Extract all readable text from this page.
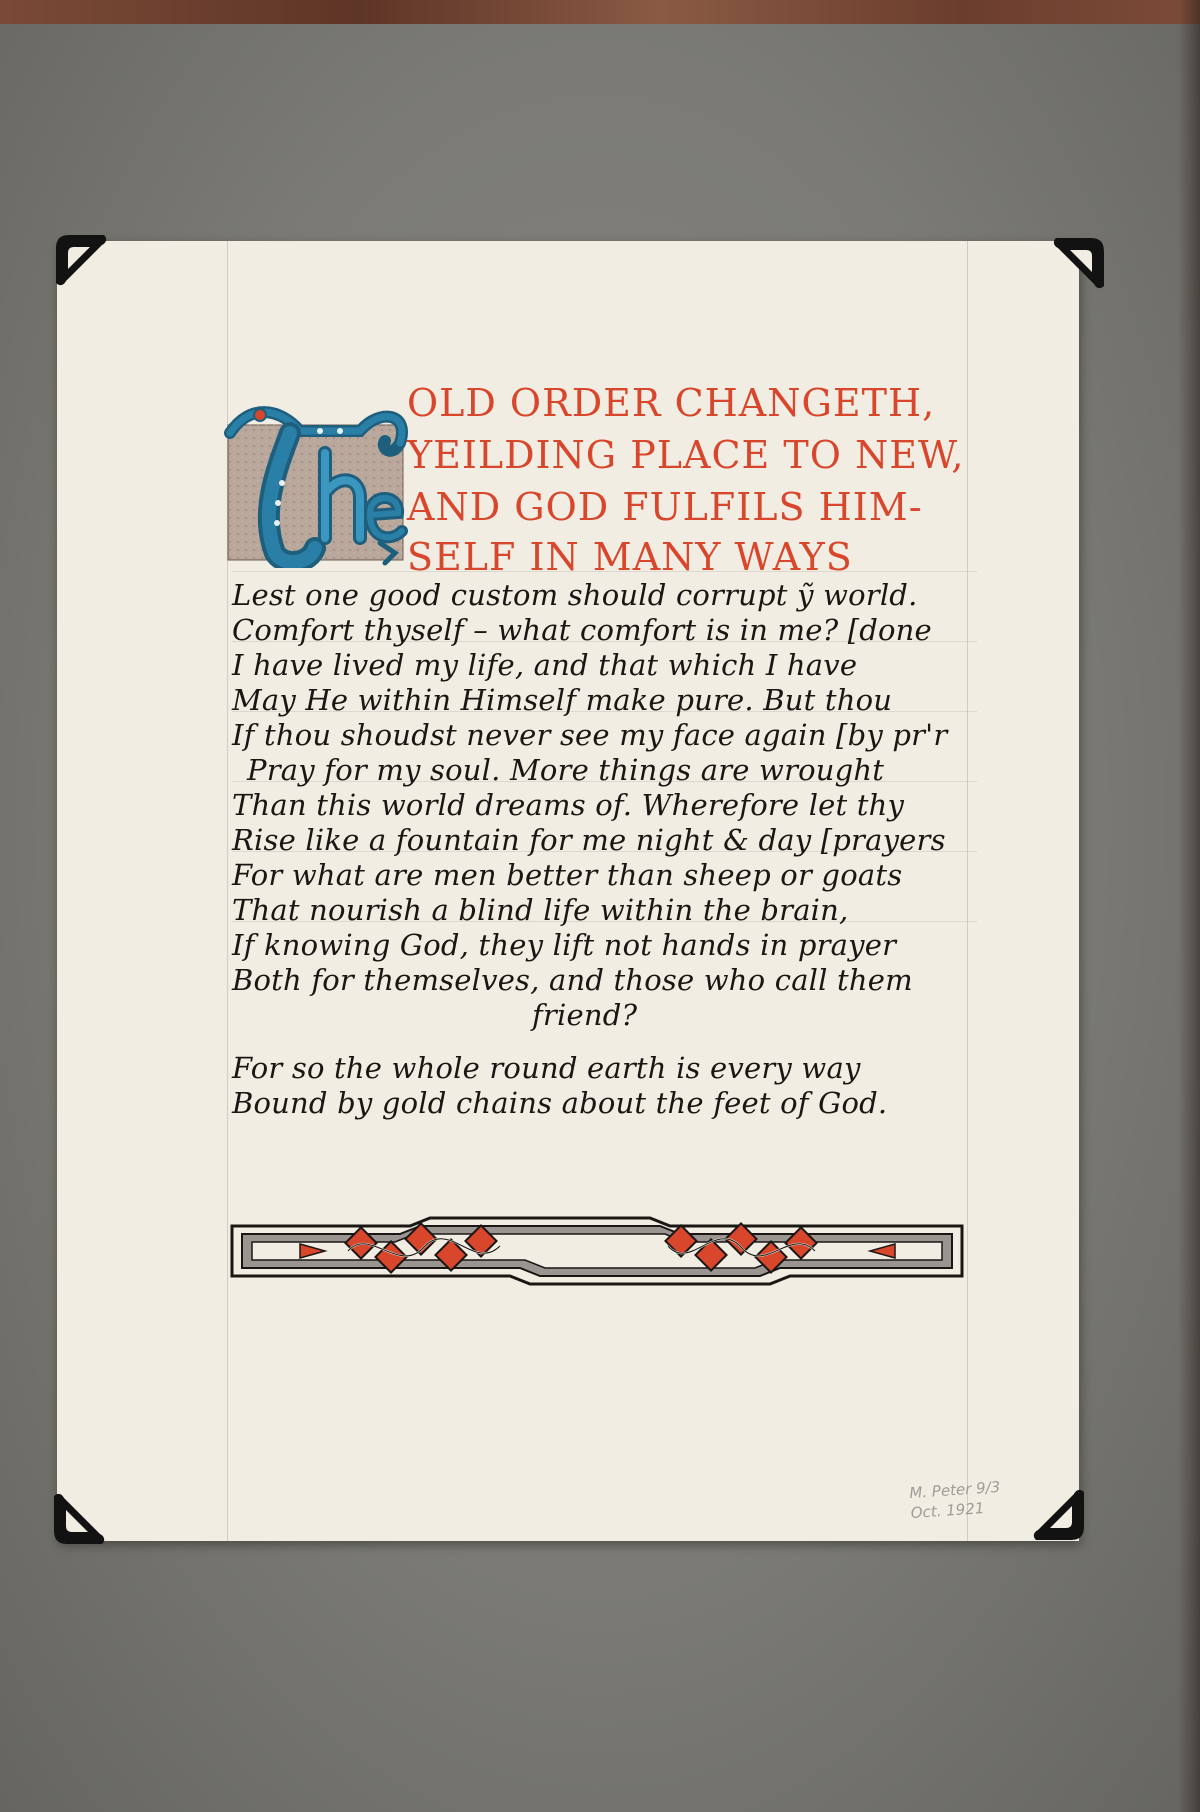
OLD ORDER CHANGETH,
YEILDING PLACE TO NEW,
AND GOD FULFILS HIM-
SELF IN MANY WAYS
Lest one good custom should corrupt ỹ world.
Comfort thyself – what comfort is in me? [done
I have lived my life, and that which I have
May He within Himself make pure. But thou
If thou shoudst never see my face again [by pr'r
Pray for my soul. More things are wrought
Than this world dreams of. Wherefore let thy
Rise like a fountain for me night & day [prayers
For what are men better than sheep or goats
That nourish a blind life within the brain,
If knowing God, they lift not hands in prayer
Both for themselves, and those who call them
friend?
For so the whole round earth is every way
Bound by gold chains about the feet of God.
M. Peter 9/3
Oct. 1921
